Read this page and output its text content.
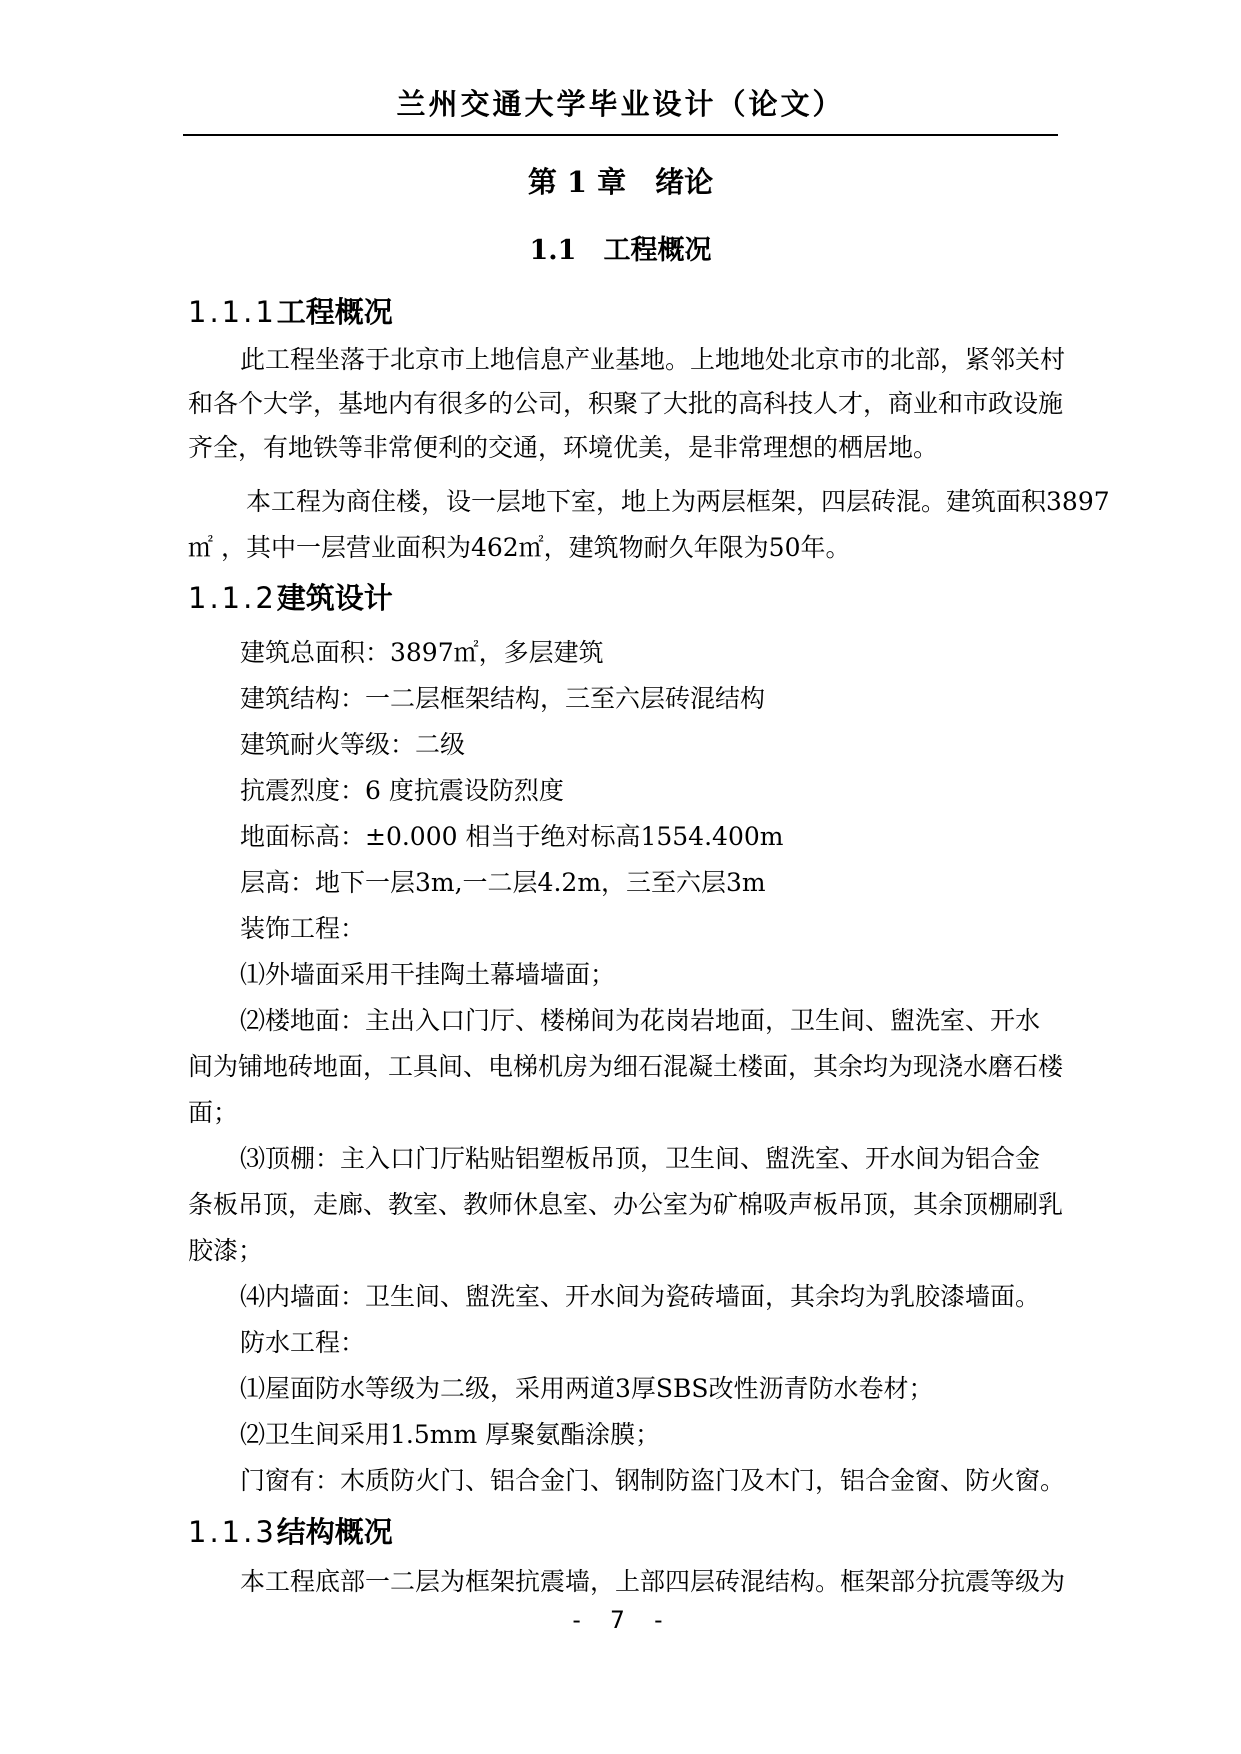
兰州交通大学毕业设计（论文）
第 1 章　绪论
1.1　工程概况
1.1.1工程概况
此工程坐落于北京市上地信息产业基地。上地地处北京市的北部，紧邻关村
和各个大学，基地内有很多的公司，积聚了大批的高科技人才，商业和市政设施
齐全，有地铁等非常便利的交通，环境优美，是非常理想的栖居地。
本工程为商住楼，设一层地下室，地上为两层框架，四层砖混。建筑面积3897
㎡ ，其中一层营业面积为462㎡，建筑物耐久年限为50年。
1.1.2建筑设计
建筑总面积：3897㎡，多层建筑
建筑结构：一二层框架结构，三至六层砖混结构
建筑耐火等级：二级
抗震烈度：6 度抗震设防烈度
地面标高：±0.000 相当于绝对标高1554.400m
层高：地下一层3m,一二层4.2m，三至六层3m
装饰工程：
⑴外墙面采用干挂陶土幕墙墙面；
⑵楼地面：主出入口门厅、楼梯间为花岗岩地面，卫生间、盥洗室、开水
间为铺地砖地面，工具间、电梯机房为细石混凝土楼面，其余均为现浇水磨石楼
面；
⑶顶棚：主入口门厅粘贴铝塑板吊顶，卫生间、盥洗室、开水间为铝合金
条板吊顶，走廊、教室、教师休息室、办公室为矿棉吸声板吊顶，其余顶棚刷乳
胶漆；
⑷内墙面：卫生间、盥洗室、开水间为瓷砖墙面，其余均为乳胶漆墙面。
防水工程：
⑴屋面防水等级为二级，采用两道3厚SBS改性沥青防水卷材；
⑵卫生间采用1.5mm 厚聚氨酯涂膜；
门窗有：木质防火门、铝合金门、钢制防盗门及木门，铝合金窗、防火窗。
1.1.3结构概况
本工程底部一二层为框架抗震墙，上部四层砖混结构。框架部分抗震等级为
- 7 -
